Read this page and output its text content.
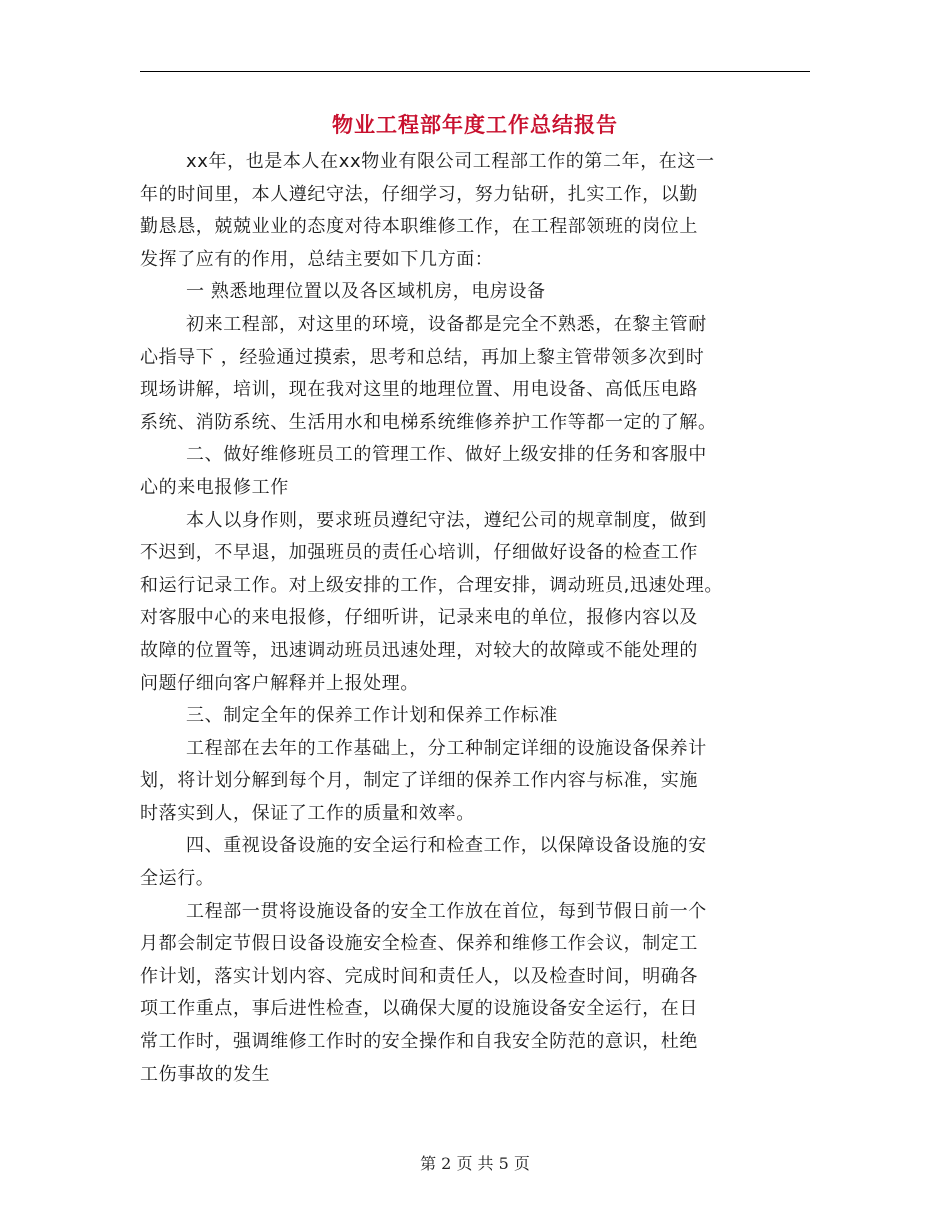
物业工程部年度工作总结报告
xx年，也是本人在xx物业有限公司工程部工作的第二年，在这一
年的时间里，本人遵纪守法，仔细学习，努力钻研，扎实工作，以勤
勤恳恳，兢兢业业的态度对待本职维修工作，在工程部领班的岗位上
发挥了应有的作用，总结主要如下几方面：
一 熟悉地理位置以及各区域机房，电房设备
初来工程部，对这里的环境，设备都是完全不熟悉，在黎主管耐
心指导下 ，经验通过摸索，思考和总结，再加上黎主管带领多次到时
现场讲解，培训，现在我对这里的地理位置、用电设备、高低压电路
系统、消防系统、生活用水和电梯系统维修养护工作等都一定的了解。
二、做好维修班员工的管理工作、做好上级安排的任务和客服中
心的来电报修工作
本人以身作则，要求班员遵纪守法，遵纪公司的规章制度，做到
不迟到，不早退，加强班员的责任心培训，仔细做好设备的检查工作
和运行记录工作。对上级安排的工作，合理安排，调动班员,迅速处理。
对客服中心的来电报修，仔细听讲，记录来电的单位，报修内容以及
故障的位置等，迅速调动班员迅速处理，对较大的故障或不能处理的
问题仔细向客户解释并上报处理。
三、制定全年的保养工作计划和保养工作标准
工程部在去年的工作基础上，分工种制定详细的设施设备保养计
划，将计划分解到每个月，制定了详细的保养工作内容与标准，实施
时落实到人，保证了工作的质量和效率。
四、重视设备设施的安全运行和检查工作，以保障设备设施的安
全运行。
工程部一贯将设施设备的安全工作放在首位，每到节假日前一个
月都会制定节假日设备设施安全检查、保养和维修工作会议，制定工
作计划，落实计划内容、完成时间和责任人，以及检查时间，明确各
项工作重点，事后进性检查，以确保大厦的设施设备安全运行，在日
常工作时，强调维修工作时的安全操作和自我安全防范的意识，杜绝
工伤事故的发生
第 2 页 共 5 页
